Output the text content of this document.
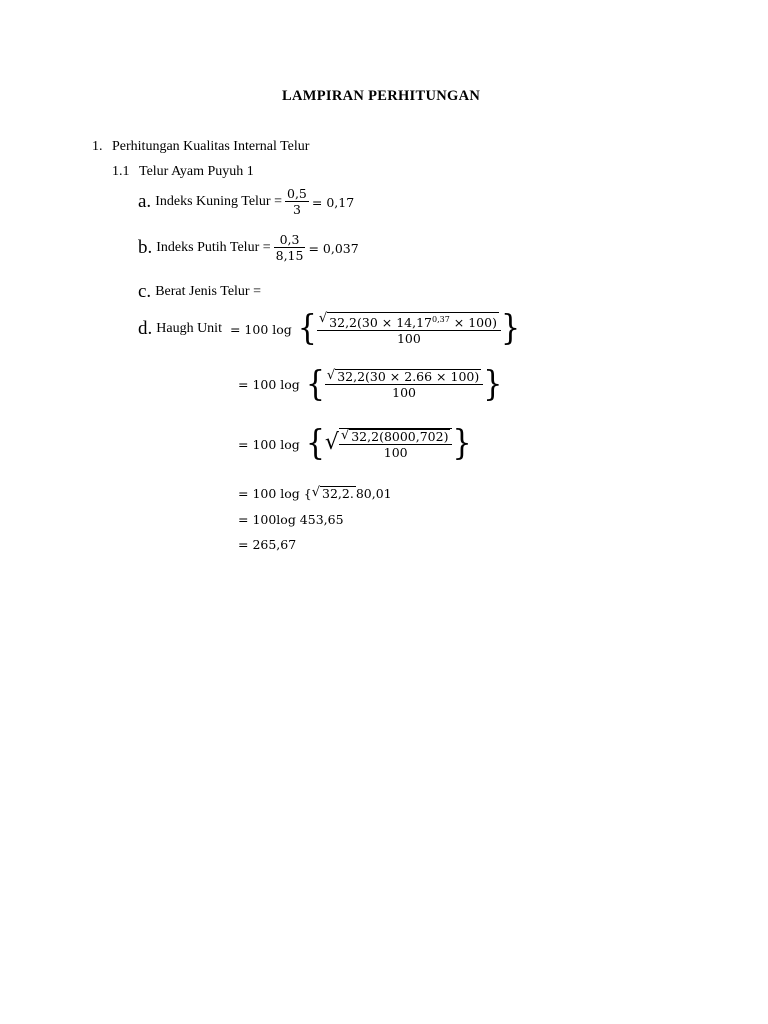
LAMPIRAN PERHITUNGAN
1. Perhitungan Kualitas Internal Telur
1.1 Telur Ayam Puyuh 1
a. Indeks Kuning Telur = $\frac{0,5}{3} = 0,17$
b. Indeks Putih Telur = $\frac{0,3}{8,15} = 0,037$
c. Berat Jenis Telur =
d. Haugh Unit = 100 log { $\frac{√ 32,2(30 \times 14,17^{0,37} \times 100)}{100}$ }
= 100 log { $\frac{√ 32,2(30 \times 2.66 \times 100)}{100}$ }
= 100 log { √ $\frac{√ 32,2(8000,702)}{100}$ }
= 100 log { √ 32,2. 80,01
= 100log 453,65
= 265,67
